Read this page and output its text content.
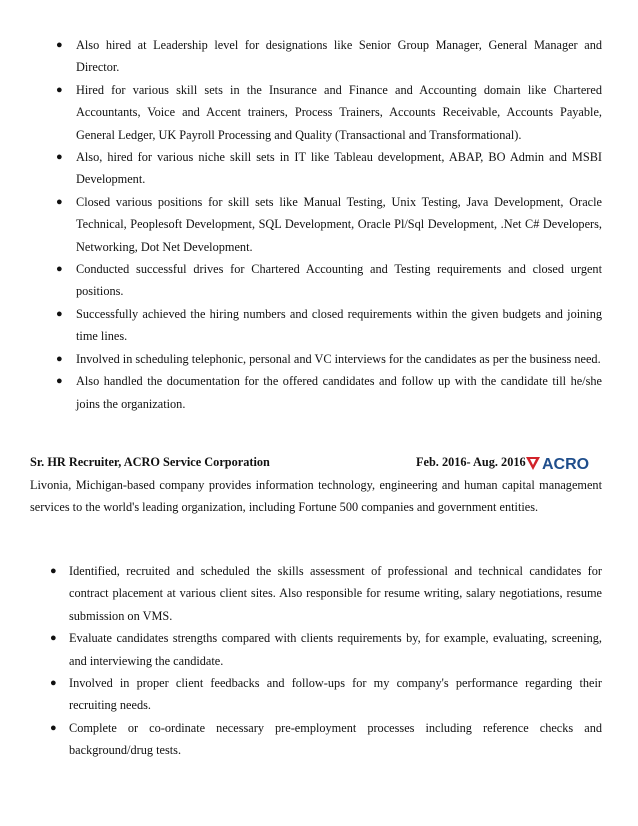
● Also hired at Leadership level for designations like Senior Group Manager, General Manager and Director.
● Hired for various skill sets in the Insurance and Finance and Accounting domain like Chartered Accountants, Voice and Accent trainers, Process Trainers, Accounts Receivable, Accounts Payable, General Ledger, UK Payroll Processing and Quality (Transactional and Transformational).
● Also, hired for various niche skill sets in IT like Tableau development, ABAP, BO Admin and MSBI Development.
● Closed various positions for skill sets like Manual Testing, Unix Testing, Java Development, Oracle Technical, Peoplesoft Development, SQL Development, Oracle Pl/Sql Development, .Net C# Developers, Networking, Dot Net Development.
● Conducted successful drives for Chartered Accounting and Testing requirements and closed urgent positions.
● Successfully achieved the hiring numbers and closed requirements within the given budgets and joining time lines.
● Involved in scheduling telephonic, personal and VC interviews for the candidates as per the business need.
● Also handled the documentation for the offered candidates and follow up with the candidate till he/she joins the organization.
Sr. HR Recruiter, ACRO Service Corporation	Feb. 2016- Aug. 2016 ACRO
Livonia, Michigan-based company provides information technology, engineering and human capital management services to the world's leading organization, including Fortune 500 companies and government entities.
● Identified, recruited and scheduled the skills assessment of professional and technical candidates for contract placement at various client sites. Also responsible for resume writing, salary negotiations, resume submission on VMS.
● Evaluate candidates strengths compared with clients requirements by, for example, evaluating, screening, and interviewing the candidate.
● Involved in proper client feedbacks and follow-ups for my company's performance regarding their recruiting needs.
● Complete or co-ordinate necessary pre-employment processes including reference checks and background/drug tests.
